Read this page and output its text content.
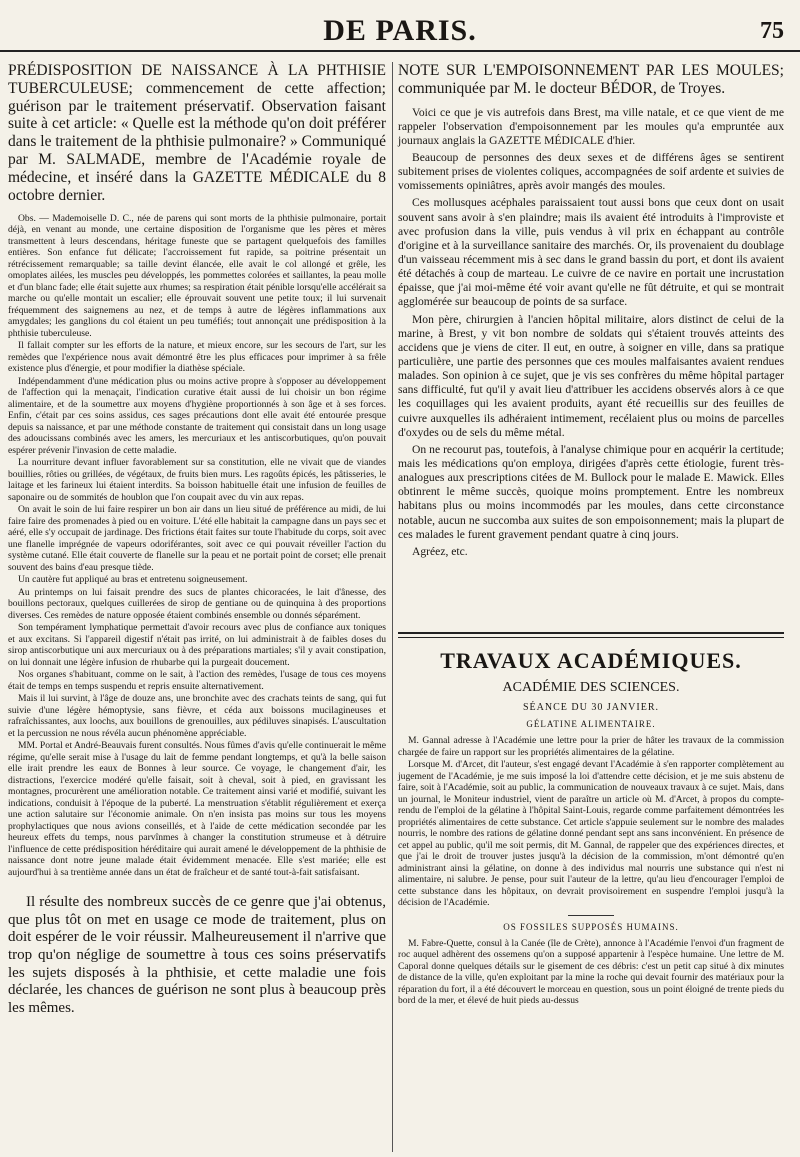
DE PARIS.	75

PRÉDISPOSITION DE NAISSANCE À LA PHTHISIE TUBERCULEUSE; commencement de cette affection; guérison par le traitement préservatif. Observation faisant suite à cet article: « Quelle est la méthode qu'on doit préférer dans le traitement de la phthisie pulmonaire? » Communiqué par M. SALMADE, membre de l'Académie royale de médecine, et inséré dans la GAZETTE MÉDICALE du 8 octobre dernier.

Obs. — Mademoiselle D. C., née de parens qui sont morts de la phthisie pulmonaire, portait déjà, en venant au monde, une certaine disposition de l'organisme que les pères et mères transmettent à leurs descendans, héritage funeste que se partagent quelquefois des familles entières. Son enfance fut délicate; l'accroissement fut rapide, sa poitrine présentait un rétrécissement remarquable; sa taille devint élancée, elle avait le col allongé et grêle, les omoplates ailées, les muscles peu développés, les pommettes colorées et saillantes, la peau molle et d'un blanc fade; elle était sujette aux rhumes; sa respiration était pénible lorsqu'elle accélérait sa marche ou qu'elle montait un escalier; elle éprouvait souvent une petite toux; il lui survenait fréquemment des saignemens au nez, et de temps à autre de légères inflammations aux amygdales; les ganglions du col étaient un peu tuméfiés; tout annonçait une prédisposition à la phthisie tuberculeuse.

Il fallait compter sur les efforts de la nature, et mieux encore, sur les secours de l'art, sur les remèdes que l'expérience nous avait démontré être les plus efficaces pour imprimer à sa frêle existence plus d'énergie, et pour modifier la diathèse spéciale.

Indépendamment d'une médication plus ou moins active propre à s'opposer au développement de l'affection qui la menaçait, l'indication curative était aussi de lui choisir un bon régime alimentaire, et de la soumettre aux moyens d'hygiène proportionnés à son âge et à ses forces. Enfin, c'était par ces soins assidus, ces sages précautions dont elle avait été entourée presque depuis sa naissance, et par une méthode constante de traitement qui consistait dans un long usage des adoucissans combinés avec les amers, les mercuriaux et les antiscorbutiques, qu'on pouvait espérer prévenir l'invasion de cette maladie.

La nourriture devant influer favorablement sur sa constitution, elle ne vivait que de viandes bouillies, rôties ou grillées, de végétaux, de fruits bien murs. Les ragoûts épicés, les pâtisseries, le laitage et les farineux lui étaient interdits. Sa boisson habituelle était une infusion de feuilles de saponaire ou de sommités de houblon que l'on coupait avec du vin aux repas.

On avait le soin de lui faire respirer un bon air dans un lieu situé de préférence au midi, de lui faire faire des promenades à pied ou en voiture. L'été elle habitait la campagne dans un pays sec et aéré, elle s'y occupait de jardinage. Des frictions était faites sur toute l'habitude du corps, soit avec une flanelle imprégnée de vapeurs odoriférantes, soit avec ce qui pouvait réveiller l'action du système cutané. Elle était couverte de flanelle sur la peau et ne portait point de corset; elle prenait souvent des bains d'eau presque tiède.

Un cautère fut appliqué au bras et entretenu soigneusement.

Au printemps on lui faisait prendre des sucs de plantes chicoracées, le lait d'ânesse, des bouillons pectoraux, quelques cuillerées de sirop de gentiane ou de quinquina à des proportions diverses. Ces remèdes de nature opposée étaient combinés ensemble ou donnés séparément.

Son tempérament lymphatique permettait d'avoir recours avec plus de confiance aux toniques et aux excitans. Si l'appareil digestif n'était pas irrité, on lui administrait à de faibles doses du sirop antiscorbutique uni aux mercuriaux ou à des préparations martiales; s'il y avait constipation, on lui donnait une légère infusion de rhubarbe qui la purgeait doucement.

Nos organes s'habituant, comme on le sait, à l'action des remèdes, l'usage de tous ces moyens était de temps en temps suspendu et repris ensuite alternativement.

Mais il lui survint, à l'âge de douze ans, une bronchite avec des crachats teints de sang, qui fut suivie d'une légère hémoptysie, sans fièvre, et céda aux boissons mucilagineuses et rafraîchissantes, aux loochs, aux bouillons de grenouilles, aux pédiluves sinapisés. L'auscultation et la percussion ne nous révéla aucun phénomène appréciable.

MM. Portal et André-Beauvais furent consultés. Nous fûmes d'avis qu'elle continuerait le même régime, qu'elle serait mise à l'usage du lait de femme pendant longtemps, et qu'à la belle saison elle irait prendre les eaux de Bonnes à leur source. Ce voyage, le changement d'air, les distractions, l'exercice modéré qu'elle faisait, soit à cheval, soit à pied, en gravissant les montagnes, procurèrent une amélioration notable. Ce traitement ainsi varié et modifié, suivant les indications, conduisit à l'époque de la puberté. La menstruation s'établit régulièrement et exerça une action salutaire sur l'économie animale. On n'en insista pas moins sur tous les moyens prophylactiques que nous avions conseillés, et à l'aide de cette médication secondée par les heureux effets du temps, nous parvînmes à changer la constitution strumeuse et à détruire l'influence de cette prédisposition héréditaire qui aurait amené le développement de la phthisie de naissance dont notre jeune malade était évidemment menacée. Elle s'est mariée; elle est aujourd'hui à sa trentième année dans un état de fraîcheur et de santé tout-à-fait satisfaisant.

Il résulte des nombreux succès de ce genre que j'ai obtenus, que plus tôt on met en usage ce mode de traitement, plus on doit espérer de le voir réussir. Malheureusement il n'arrive que trop qu'on néglige de soumettre à tous ces soins préservatifs les sujets disposés à la phthisie, et cette maladie une fois déclarée, les chances de guérison ne sont plus à beaucoup près les mêmes.

NOTE SUR L'EMPOISONNEMENT PAR LES MOULES; communiquée par M. le docteur BÉDOR, de Troyes.

Voici ce que je vis autrefois dans Brest, ma ville natale, et ce que vient de me rappeler l'observation d'empoisonnement par les moules qu'a empruntée aux journaux anglais la GAZETTE MÉDICALE d'hier.

Beaucoup de personnes des deux sexes et de différens âges se sentirent subitement prises de violentes coliques, accompagnées de soif ardente et suivies de vomissements opiniâtres, après avoir mangés des moules.

Ces mollusques acéphales paraissaient tout aussi bons que ceux dont on usait souvent sans avoir à s'en plaindre; mais ils avaient été introduits à l'improviste et avec profusion dans la ville, puis vendus à vil prix en échappant au contrôle d'origine et à la surveillance sanitaire des marchés. Or, ils provenaient du doublage d'un vaisseau récemment mis à sec dans le grand bassin du port, et dont ils avaient été détachés à coup de marteau. Le cuivre de ce navire en portait une incrustation épaisse, que j'ai moi-même été voir avant qu'elle ne fût détruite, et qui se montrait agglomérée sur beaucoup de points de sa surface.

Mon père, chirurgien à l'ancien hôpital militaire, alors distinct de celui de la marine, à Brest, y vit bon nombre de soldats qui s'étaient trouvés atteints des accidens que je viens de citer. Il eut, en outre, à soigner en ville, dans sa pratique particulière, une partie des personnes que ces moules malfaisantes avaient rendues malades. Son opinion à ce sujet, que je vis ses confrères du même hôpital partager sans difficulté, fut qu'il y avait lieu d'attribuer les accidens observés alors à ce que les coquillages qui les avaient produits, ayant été recueillis sur des feuilles de cuivre auxquelles ils adhéraient intimement, recélaient plus ou moins de parcelles d'oxydes ou de sels du même métal.

On ne recourut pas, toutefois, à l'analyse chimique pour en acquérir la certitude; mais les médications qu'on employa, dirigées d'après cette étiologie, furent très-analogues aux prescriptions citées de M. Bullock pour le malade E. Mawick. Elles obtinrent le même succès, quoique moins promptement. Entre les nombreux habitans plus ou moins incommodés par les moules, dans cette circonstance notable, aucun ne succomba aux suites de son empoisonnement; mais la plupart de ces malades le furent gravement pendant quatre à cinq jours.

Agréez, etc.

TRAVAUX ACADÉMIQUES.
ACADÉMIE DES SCIENCES.
SÉANCE DU 30 JANVIER.
GÉLATINE ALIMENTAIRE.

M. Gannal adresse à l'Académie une lettre pour la prier de hâter les travaux de la commission chargée de faire un rapport sur les propriétés alimentaires de la gélatine.

Lorsque M. d'Arcet, dit l'auteur, s'est engagé devant l'Académie à s'en rapporter complètement au jugement de l'Académie, je me suis imposé la loi d'attendre cette décision, et je me suis abstenu de faire, soit à l'Académie, soit au public, la communication de nouveaux travaux à ce sujet. Mais, dans un journal, le Moniteur industriel, vient de paraître un article où M. d'Arcet, à propos du compte-rendu de l'emploi de la gélatine à l'hôpital Saint-Louis, regarde comme parfaitement démontrées les propriétés alimentaires de cette substance. Cet article s'appuie seulement sur le nombre des malades nourris, le nombre des rations de gélatine donné pendant sept ans sans inconvénient. En présence de cet appel au public, qu'il me soit permis, dit M. Gannal, de rappeler que des expériences directes, et que j'ai le droit de trouver justes jusqu'à la décision de la commission, m'ont démontré qu'en administrant ainsi la gélatine, on donne à des individus mal nourris une substance qui n'est ni alimentaire, ni salubre. Je pense, pour suit l'auteur de la lettre, qu'au lieu d'encourager l'emploi de cette substance dans les hôpitaux, on devrait provisoirement en suspendre l'emploi jusqu'à la décision de l'Académie.

OS FOSSILES SUPPOSÉS HUMAINS.

M. Fabre-Quette, consul à la Canée (île de Crète), annonce à l'Académie l'envoi d'un fragment de roc auquel adhèrent des ossemens qu'on a supposé appartenir à l'espèce humaine. Une lettre de M. Caporal donne quelques détails sur le gisement de ces débris: c'est un petit cap situé à dix minutes de distance de la ville, qu'en exploitant par la mine la roche qui devait fournir des matériaux pour la réparation du fort, il a été découvert le morceau en question, sous un point éloigné de trente pieds du bord de la mer, et élevé de huit pieds au-dessus
